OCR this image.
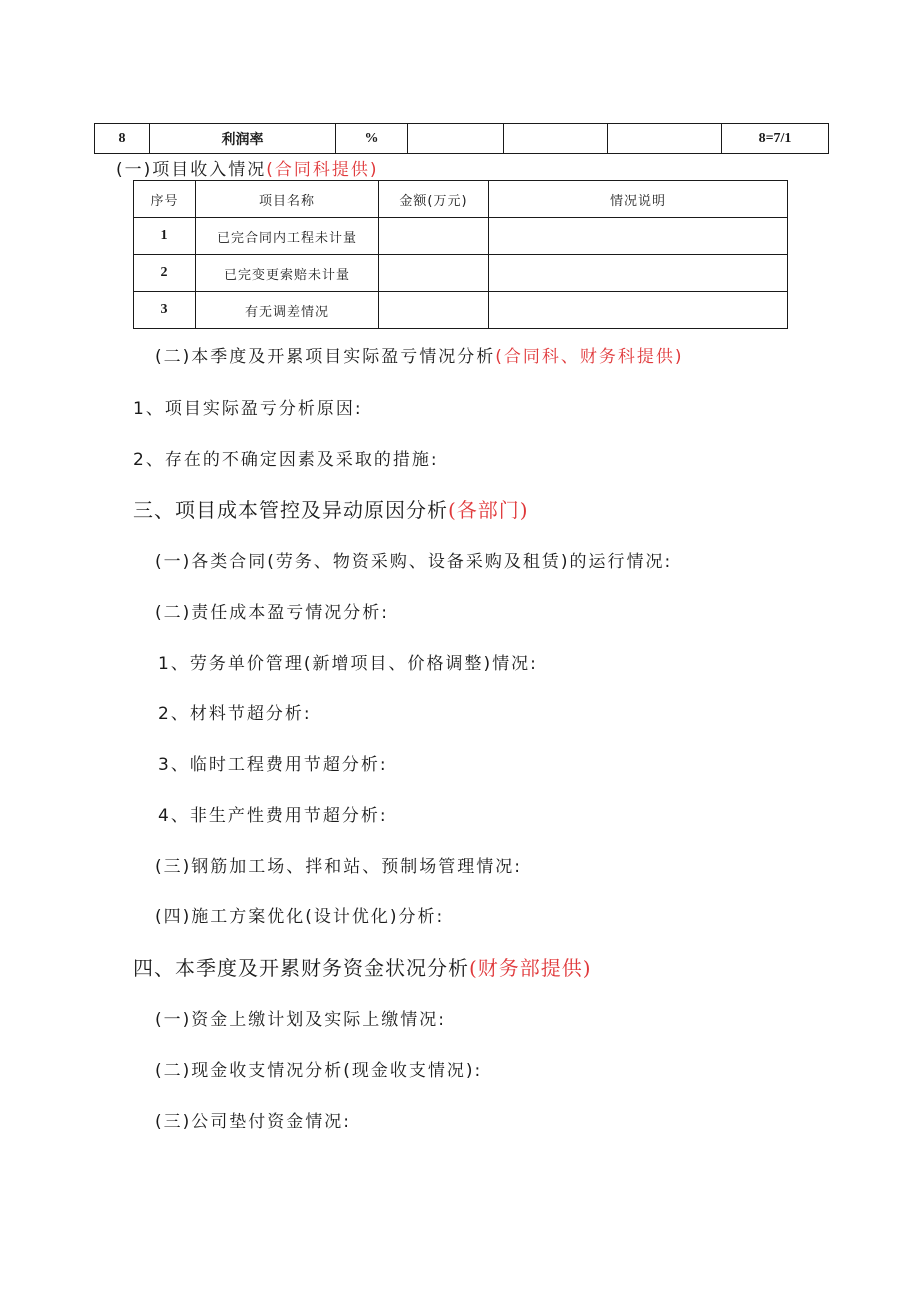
8	利润率	%				8=7/1
(一)项目收入情况(合同科提供)
序号	项目名称	金额(万元)	情况说明
1	已完合同内工程未计量		
2	已完变更索赔未计量		
3	有无调差情况		
(二)本季度及开累项目实际盈亏情况分析(合同科、财务科提供)
1、项目实际盈亏分析原因:
2、存在的不确定因素及采取的措施:
三、项目成本管控及异动原因分析(各部门)
(一)各类合同(劳务、物资采购、设备采购及租赁)的运行情况:
(二)责任成本盈亏情况分析:
1、劳务单价管理(新增项目、价格调整)情况:
2、材料节超分析:
3、临时工程费用节超分析:
4、非生产性费用节超分析:
(三)钢筋加工场、拌和站、预制场管理情况:
(四)施工方案优化(设计优化)分析:
四、本季度及开累财务资金状况分析(财务部提供)
(一)资金上缴计划及实际上缴情况:
(二)现金收支情况分析(现金收支情况):
(三)公司垫付资金情况:
